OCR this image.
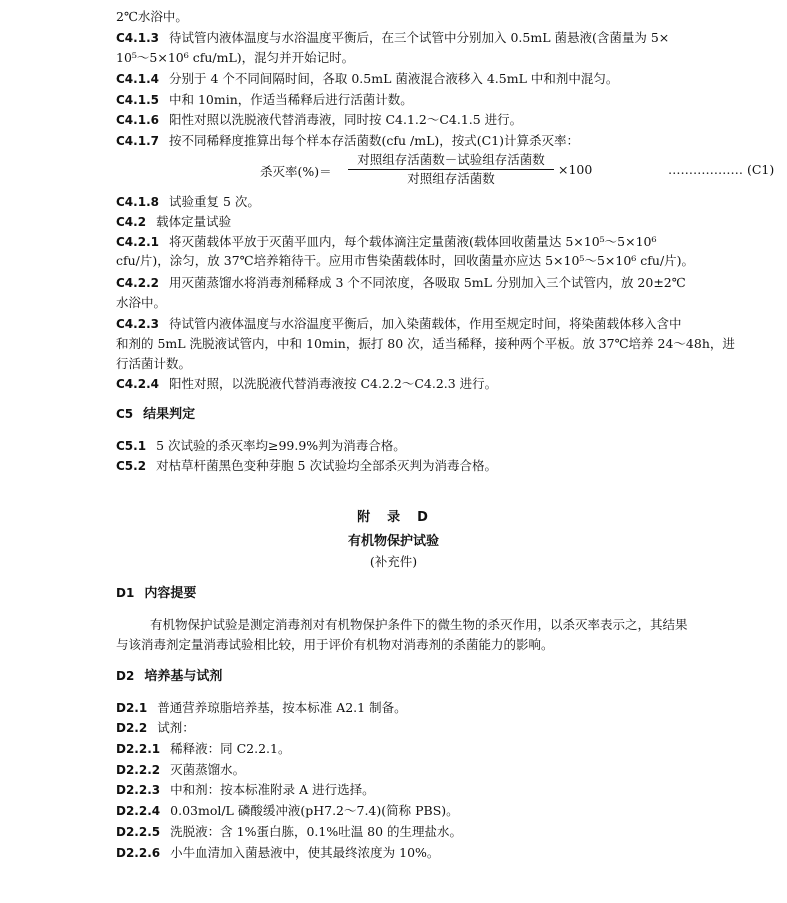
2℃水浴中。
C4.1.3 待试管内液体温度与水浴温度平衡后，在三个试管中分别加入 0.5mL 菌悬液(含菌量为 5×
10⁵～5×10⁶ cfu/mL)，混匀并开始记时。
C4.1.4 分别于 4 个不同间隔时间，各取 0.5mL 菌液混合液移入 4.5mL 中和剂中混匀。
C4.1.5 中和 10min，作适当稀释后进行活菌计数。
C4.1.6 阳性对照以洗脱液代替消毒液，同时按 C4.1.2～C4.1.5 进行。
C4.1.7 按不同稀释度推算出每个样本存活菌数(cfu /mL)，按式(C1)计算杀灭率：
杀灭率(%)＝
对照组存活菌数－试验组存活菌数
对照组存活菌数
×100	……………… (C1)
C4.1.8 试验重复 5 次。
C4.2 载体定量试验
C4.2.1 将灭菌载体平放于灭菌平皿内，每个载体滴注定量菌液(载体回收菌量达 5×10⁵～5×10⁶
cfu/片)，涂匀，放 37℃培养箱待干。应用市售染菌载体时，回收菌量亦应达 5×10⁵～5×10⁶ cfu/片)。
C4.2.2 用灭菌蒸馏水将消毒剂稀释成 3 个不同浓度，各吸取 5mL 分别加入三个试管内，放 20±2℃
水浴中。
C4.2.3 待试管内液体温度与水浴温度平衡后，加入染菌载体，作用至规定时间，将染菌载体移入含中
和剂的 5mL 洗脱液试管内，中和 10min，振打 80 次，适当稀释，接种两个平板。放 37℃培养 24～48h，进
行活菌计数。
C4.2.4 阳性对照，以洗脱液代替消毒液按 C4.2.2～C4.2.3 进行。
C5 结果判定
C5.1 5 次试验的杀灭率均≥99.9%判为消毒合格。
C5.2 对枯草杆菌黑色变种芽胞 5 次试验均全部杀灭判为消毒合格。
附　录　D
有机物保护试验
(补充件)
D1 内容提要
有机物保护试验是测定消毒剂对有机物保护条件下的微生物的杀灭作用，以杀灭率表示之，其结果
与该消毒剂定量消毒试验相比较，用于评价有机物对消毒剂的杀菌能力的影响。
D2 培养基与试剂
D2.1 普通营养琼脂培养基，按本标准 A2.1 制备。
D2.2 试剂：
D2.2.1 稀释液：同 C2.2.1。
D2.2.2 灭菌蒸馏水。
D2.2.3 中和剂：按本标准附录 A 进行选择。
D2.2.4 0.03mol/L 磷酸缓冲液(pH7.2～7.4)(简称 PBS)。
D2.2.5 洗脱液：含 1%蛋白胨，0.1%吐温 80 的生理盐水。
D2.2.6 小牛血清加入菌悬液中，使其最终浓度为 10%。
